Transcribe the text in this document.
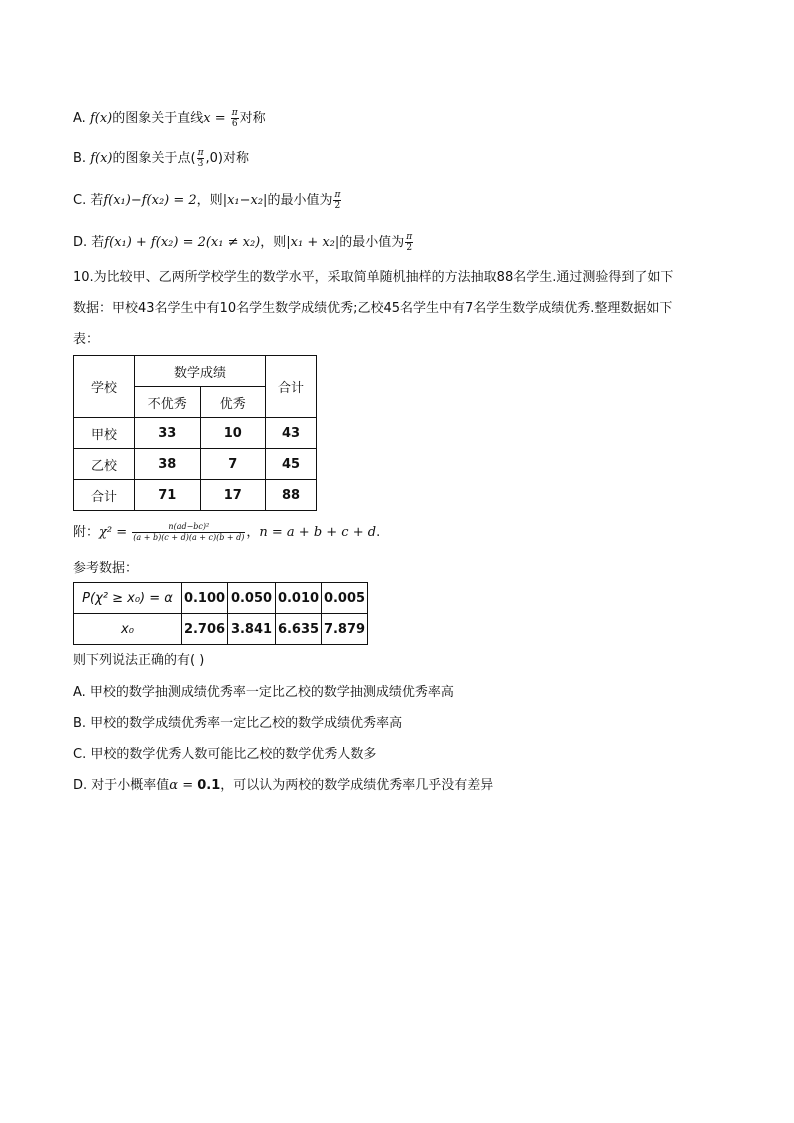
A. f(x)的图象关于直线$x = \frac{\pi}{6}$ 对称
B. f(x)的图象关于点( $\frac{\pi}{3} ,0$)对称
C. 若f(x₁)−f(x₂) = 2，则|x₁−x₂|的最小值为 $\frac{\pi}{2}$
D. 若f(x₁) + f(x₂) = 2(x₁ ≠ x₂)，则|x₁ + x₂|的最小值为 $\frac{\pi}{2}$
10.为比较甲、乙两所学校学生的数学水平，采取简单随机抽样的方法抽取88名学生.通过测验得到了如下
数据：甲校43名学生中有10名学生数学成绩优秀;乙校45名学生中有7名学生数学成绩优秀.整理数据如下
表：
学校	数学成绩		合计
	不优秀	优秀	
甲校	33	10	43
乙校	38	7	45
合计	71	17	88
附：$\chi^2 = \frac{\text{n(ad−bc)²}}{(a + b)(c + d)(a + c)(b + d)}$ ，n = a + b + c + d.
参考数据：
P(χ² ≥ x₀) = α	0.100	0.050	0.010	0.005
x₀	2.706	3.841	6.635	7.879
则下列说法正确的有( )
A. 甲校的数学抽测成绩优秀率一定比乙校的数学抽测成绩优秀率高
B. 甲校的数学成绩优秀率一定比乙校的数学成绩优秀率高
C. 甲校的数学优秀人数可能比乙校的数学优秀人数多
D. 对于小概率值α = 0.1，可以认为两校的数学成绩优秀率几乎没有差异
